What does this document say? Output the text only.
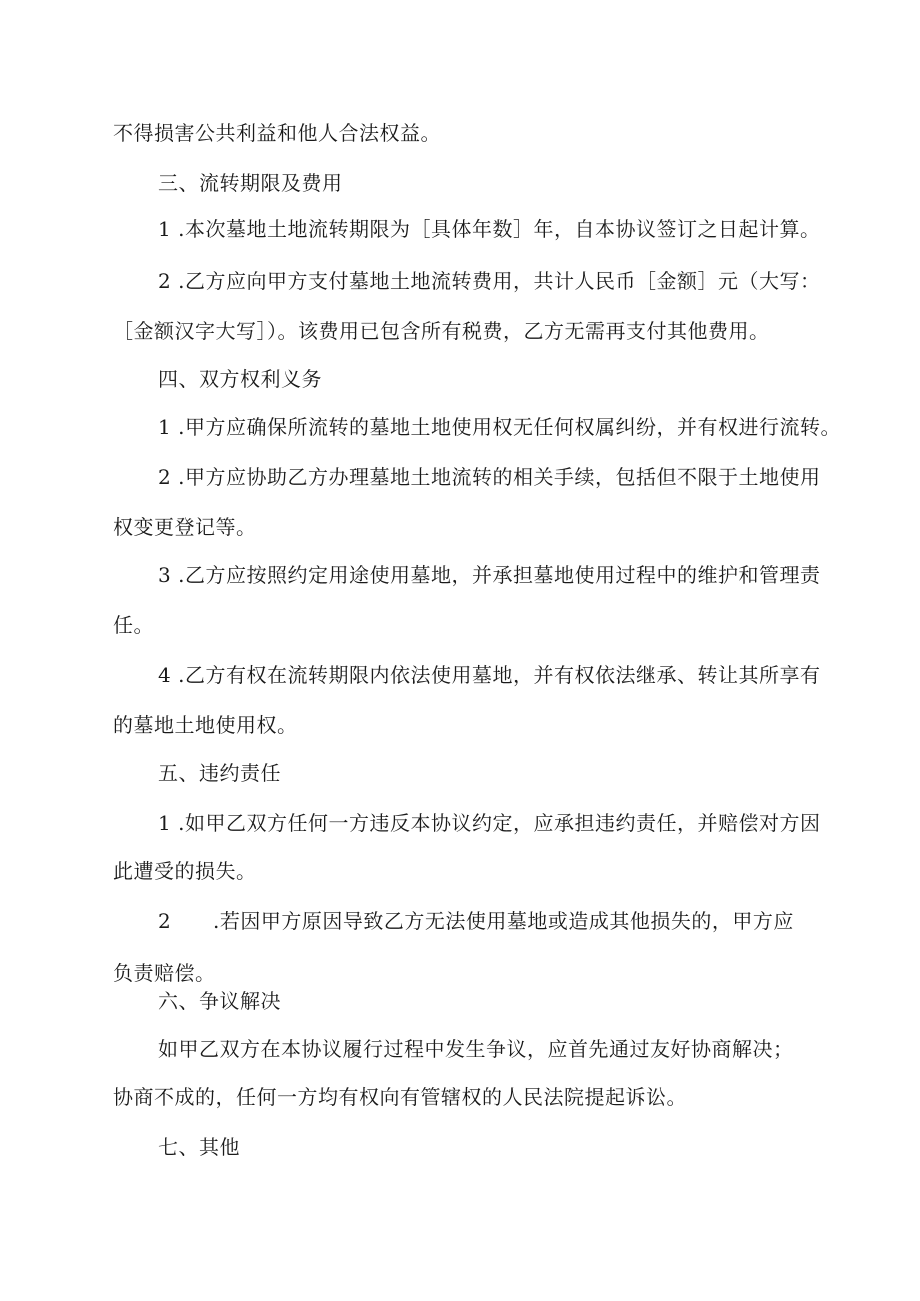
不得损害公共利益和他人合法权益。
三、流转期限及费用
1 .本次墓地土地流转期限为［具体年数］年，自本协议签订之日起计算。
2 .乙方应向甲方支付墓地土地流转费用，共计人民币［金额］元（大写：
［金额汉字大写］）。该费用已包含所有税费，乙方无需再支付其他费用。
四、双方权利义务
1 .甲方应确保所流转的墓地土地使用权无任何权属纠纷，并有权进行流转。
2 .甲方应协助乙方办理墓地土地流转的相关手续，包括但不限于土地使用
权变更登记等。
3 .乙方应按照约定用途使用墓地，并承担墓地使用过程中的维护和管理责
任。
4 .乙方有权在流转期限内依法使用墓地，并有权依法继承、转让其所享有
的墓地土地使用权。
五、违约责任
1 .如甲乙双方任何一方违反本协议约定，应承担违约责任，并赔偿对方因
此遭受的损失。
2 .若因甲方原因导致乙方无法使用墓地或造成其他损失的，甲方应
负责赔偿。
六、争议解决
如甲乙双方在本协议履行过程中发生争议，应首先通过友好协商解决；
协商不成的，任何一方均有权向有管辖权的人民法院提起诉讼。
七、其他
